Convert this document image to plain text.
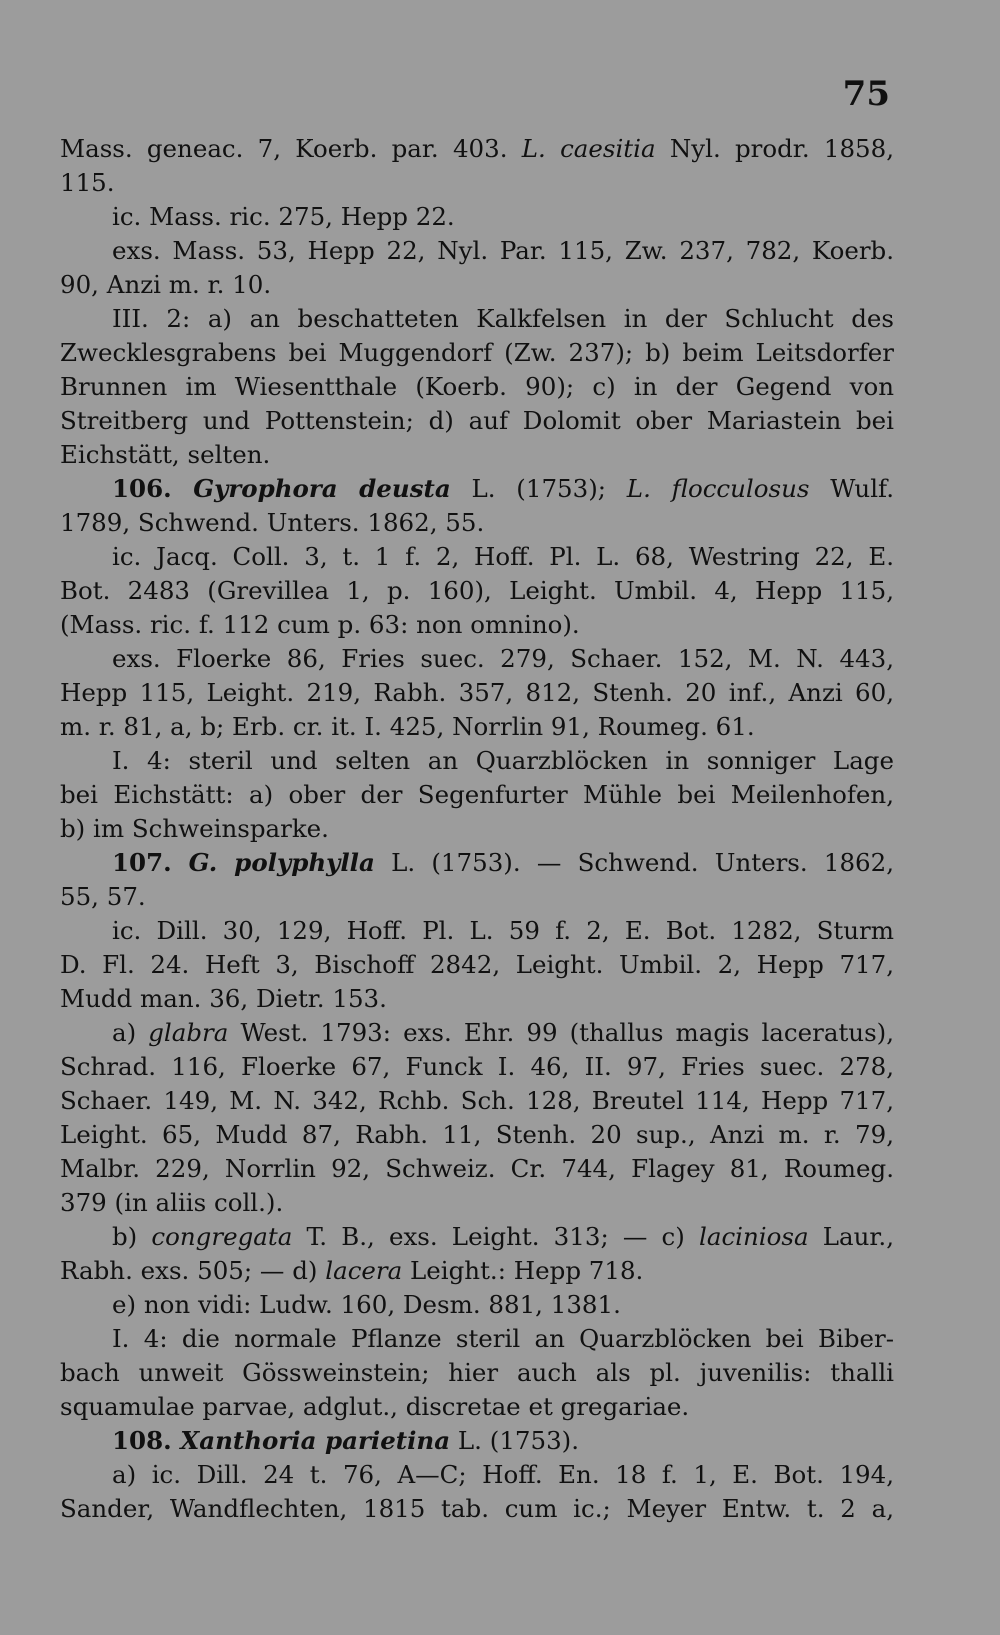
75
Mass. geneac. 7, Koerb. par. 403. L. caesitia Nyl. prodr. 1858,
115.
ic. Mass. ric. 275, Hepp 22.
exs. Mass. 53, Hepp 22, Nyl. Par. 115, Zw. 237, 782, Koerb.
90, Anzi m. r. 10.
III. 2: a) an beschatteten Kalkfelsen in der Schlucht des
Zwecklesgrabens bei Muggendorf (Zw. 237); b) beim Leitsdorfer
Brunnen im Wiesentthale (Koerb. 90); c) in der Gegend von
Streitberg und Pottenstein; d) auf Dolomit ober Mariastein bei
Eichstätt, selten.
106. Gyrophora deusta L. (1753); L. flocculosus Wulf.
1789, Schwend. Unters. 1862, 55.
ic. Jacq. Coll. 3, t. 1 f. 2, Hoff. Pl. L. 68, Westring 22, E.
Bot. 2483 (Grevillea 1, p. 160), Leight. Umbil. 4, Hepp 115,
(Mass. ric. f. 112 cum p. 63: non omnino).
exs. Floerke 86, Fries suec. 279, Schaer. 152, M. N. 443,
Hepp 115, Leight. 219, Rabh. 357, 812, Stenh. 20 inf., Anzi 60,
m. r. 81, a, b; Erb. cr. it. I. 425, Norrlin 91, Roumeg. 61.
I. 4: steril und selten an Quarzblöcken in sonniger Lage
bei Eichstätt: a) ober der Segenfurter Mühle bei Meilenhofen,
b) im Schweinsparke.
107. G. polyphylla L. (1753). — Schwend. Unters. 1862,
55, 57.
ic. Dill. 30, 129, Hoff. Pl. L. 59 f. 2, E. Bot. 1282, Sturm
D. Fl. 24. Heft 3, Bischoff 2842, Leight. Umbil. 2, Hepp 717,
Mudd man. 36, Dietr. 153.
a) glabra West. 1793: exs. Ehr. 99 (thallus magis laceratus),
Schrad. 116, Floerke 67, Funck I. 46, II. 97, Fries suec. 278,
Schaer. 149, M. N. 342, Rchb. Sch. 128, Breutel 114, Hepp 717,
Leight. 65, Mudd 87, Rabh. 11, Stenh. 20 sup., Anzi m. r. 79,
Malbr. 229, Norrlin 92, Schweiz. Cr. 744, Flagey 81, Roumeg.
379 (in aliis coll.).
b) congregata T. B., exs. Leight. 313; — c) laciniosa Laur.,
Rabh. exs. 505; — d) lacera Leight.: Hepp 718.
e) non vidi: Ludw. 160, Desm. 881, 1381.
I. 4: die normale Pflanze steril an Quarzblöcken bei Biber-
bach unweit Gössweinstein; hier auch als pl. juvenilis: thalli
squamulae parvae, adglut., discretae et gregariae.
108. Xanthoria parietina L. (1753).
a) ic. Dill. 24 t. 76, A—C; Hoff. En. 18 f. 1, E. Bot. 194,
Sander, Wandflechten, 1815 tab. cum ic.; Meyer Entw. t. 2 a,
